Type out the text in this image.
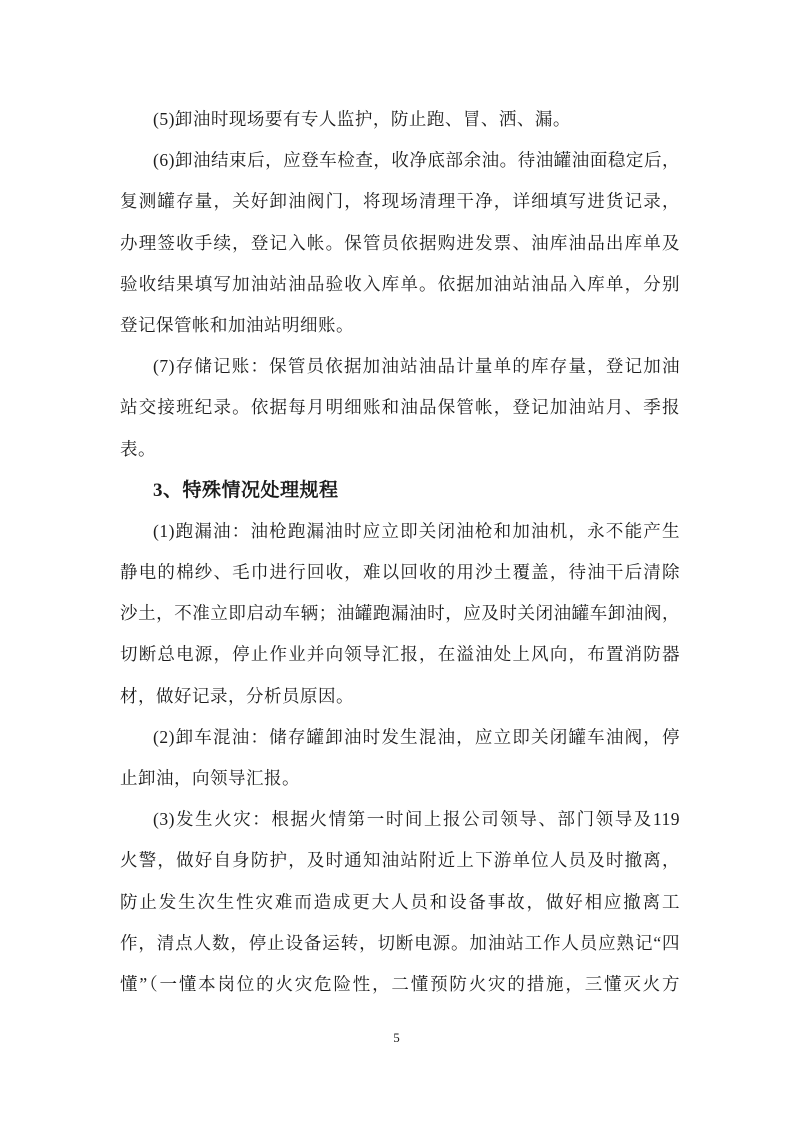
(5)卸油时现场要有专人监护，防止跑、冒、洒、漏。
(6)卸油结束后，应登车检查，收净底部余油。待油罐油面稳定后，
复测罐存量，关好卸油阀门，将现场清理干净，详细填写进货记录，
办理签收手续，登记入帐。保管员依据购进发票、油库油品出库单及
验收结果填写加油站油品验收入库单。依据加油站油品入库单，分别
登记保管帐和加油站明细账。
(7)存储记账：保管员依据加油站油品计量单的库存量，登记加油
站交接班纪录。依据每月明细账和油品保管帐，登记加油站月、季报
表。
3、特殊情况处理规程
(1)跑漏油：油枪跑漏油时应立即关闭油枪和加油机，永不能产生
静电的棉纱、毛巾进行回收，难以回收的用沙土覆盖，待油干后清除
沙土，不准立即启动车辆；油罐跑漏油时，应及时关闭油罐车卸油阀，
切断总电源，停止作业并向领导汇报，在溢油处上风向，布置消防器
材，做好记录，分析员原因。
(2)卸车混油：储存罐卸油时发生混油，应立即关闭罐车油阀，停
止卸油，向领导汇报。
(3)发生火灾：根据火情第一时间上报公司领导、部门领导及119
火警，做好自身防护，及时通知油站附近上下游单位人员及时撤离，
防止发生次生性灾难而造成更大人员和设备事故，做好相应撤离工
作，清点人数，停止设备运转，切断电源。加油站工作人员应熟记“四
懂”（一懂本岗位的火灾危险性，二懂预防火灾的措施，三懂灭火方
5
